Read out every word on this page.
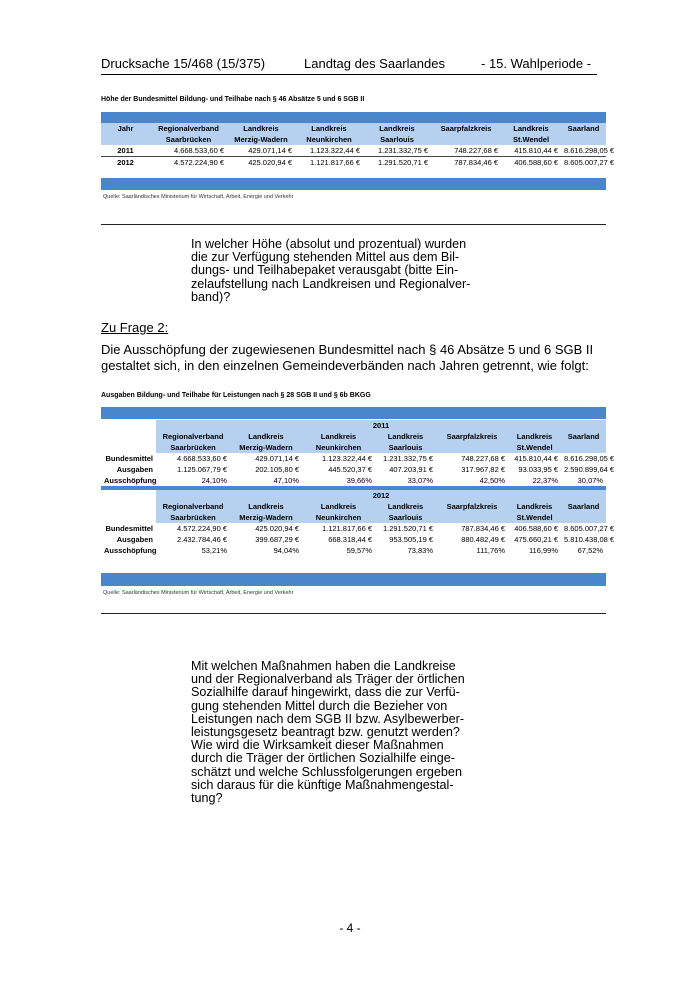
Drucksache 15/468 (15/375)	Landtag des Saarlandes	- 15. Wahlperiode -
Höhe der Bundesmittel Bildung- und Teilhabe nach § 46 Absätze 5 und 6 SGB II
Jahr	Regionalverband	Landkreis	Landkreis	Landkreis	Saarpfalzkreis	Landkreis	Saarland
	Saarbrücken	Merzig-Wadern	Neunkirchen	Saarlouis		St.Wendel	
2011	4.668.533,60 €	429.071,14 €	1.123.322,44 €	1.231.332,75 €	748.227,68 €	415.810,44 €	8.616.298,05 €
2012	4.572.224,90 €	425.020,94 €	1.121.817,66 €	1.291.520,71 €	787.834,46 €	406.588,60 €	8.605.007,27 €
Quelle: Saarländisches Ministerium für Wirtschaft, Arbeit, Energie und Verkehr
In welcher Höhe (absolut und prozentual) wurden
die zur Verfügung stehenden Mittel aus dem Bil-
dungs- und Teilhabepaket verausgabt (bitte Ein-
zelaufstellung nach Landkreisen und Regionalver-
band)?
Zu Frage 2:
Die Ausschöpfung der zugewiesenen Bundesmittel nach § 46 Absätze 5 und 6 SGB II
gestaltet sich, in den einzelnen Gemeindeverbänden nach Jahren getrennt, wie folgt:
Ausgaben Bildung- und Teilhabe für Leistungen nach § 28 SGB II und § 6b BKGG
	2011						
	Regionalverband	Landkreis	Landkreis	Landkreis	Saarpfalzkreis	Landkreis	Saarland
	Saarbrücken	Merzig-Wadern	Neunkirchen	Saarlouis		St.Wendel	
Bundesmittel	4.668.533,60 €	429.071,14 €	1.123.322,44 €	1.231.332,75 €	748.227,68 €	415.810,44 €	8.616.298,05 €
Ausgaben	1.125.067,79 €	202.105,80 €	445.520,37 €	407.203,91 €	317.967,82 €	93.033,95 €	2.590.899,64 €
Ausschöpfung	24,10%	47,10%	39,66%	33,07%	42,50%	22,37%	30,07%

	2012						
	Regionalverband	Landkreis	Landkreis	Landkreis	Saarpfalzkreis	Landkreis	Saarland
	Saarbrücken	Merzig-Wadern	Neunkirchen	Saarlouis		St.Wendel	
Bundesmittel	4.572.224,90 €	425.020,94 €	1.121.817,66 €	1.291.520,71 €	787.834,46 €	406.588,60 €	8.605.007,27 €
Ausgaben	2.432.784,46 €	399.687,29 €	668.318,44 €	953.505,19 €	880.482,49 €	475.660,21 €	5.810.438,08 €
Ausschöpfung	53,21%	94,04%	59,57%	73,83%	111,76%	116,99%	67,52%
Quelle: Saarländisches Ministerium für Wirtschaft, Arbeit, Energie und Verkehr
Mit welchen Maßnahmen haben die Landkreise
und der Regionalverband als Träger der örtlichen
Sozialhilfe darauf hingewirkt, dass die zur Verfü-
gung stehenden Mittel durch die Bezieher von
Leistungen nach dem SGB II bzw. Asylbewerber-
leistungsgesetz beantragt bzw. genutzt werden?
Wie wird die Wirksamkeit dieser Maßnahmen
durch die Träger der örtlichen Sozialhilfe einge-
schätzt und welche Schlussfolgerungen ergeben
sich daraus für die künftige Maßnahmengestal-
tung?
- 4 -
